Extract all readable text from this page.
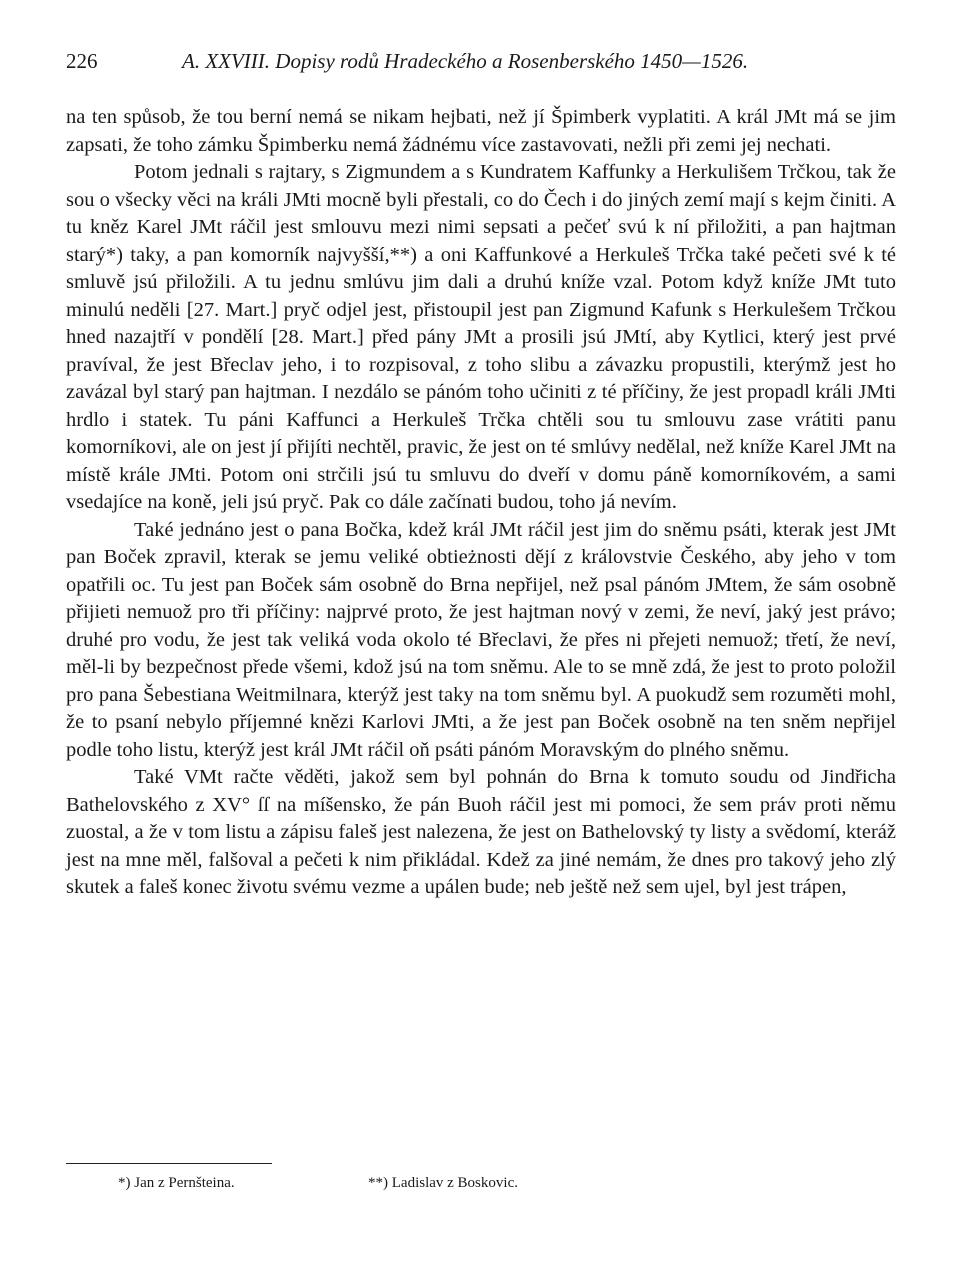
226	A. XXVIII. Dopisy rodů Hradeckého a Rosenberského 1450—1526.

na ten spůsob, že tou berní nemá se nikam hejbati, než jí Špimberk vyplatiti. A král JMt má se jim zapsati, že toho zámku Špimberku nemá žádnému více zastavovati, nežli při zemi jej nechati.

Potom jednali s rajtary, s Zigmundem a s Kundratem Kaffunky a Herkulišem Trčkou, tak že sou o všecky věci na králi JMti mocně byli přestali, co do Čech i do jiných zemí mají s kejm činiti. A tu kněz Karel JMt ráčil jest smlouvu mezi nimi sepsati a pečeť svú k ní přiložiti, a pan hajtman starý*) taky, a pan komorník najvyšší,**) a oni Kaffunkové a Herkuleš Trčka také pečeti své k té smluvě jsú přiložili. A tu jednu smlúvu jim dali a druhú kníže vzal. Potom když kníže JMt tuto minulú neděli [27. Mart.] pryč odjel jest, přistoupil jest pan Zigmund Kafunk s Herkulešem Trčkou hned nazajtří v pondělí [28. Mart.] před pány JMt a prosili jsú JMtí, aby Kytlici, který jest prvé pravíval, že jest Břeclav jeho, i to rozpisoval, z toho slibu a závazku propustili, kterýmž jest ho zavázal byl starý pan hajtman. I nezdálo se pánóm toho učiniti z té příčiny, že jest propadl králi JMti hrdlo i statek. Tu páni Kaffunci a Herkuleš Trčka chtěli sou tu smlouvu zase vrátiti panu komorníkovi, ale on jest jí přijíti nechtěl, praviс, že jest on té smlúvy nedělal, než kníže Karel JMt na místě krále JMti. Potom oni strčili jsú tu smluvu do dveří v domu páně komorníkovém, a sami vsedajíce na koně, jeli jsú pryč. Pak co dále začínati budou, toho já nevím.

Také jednáno jest o pana Bočka, kdež král JMt ráčil jest jim do sněmu psáti, kterak jest JMt pan Boček zpravil, kterak se jemu veliké obtieżnosti dějí z královstvie Českého, aby jeho v tom opatřili oc. Tu jest pan Boček sám osobně do Brna nepřijel, než psal pánóm JMtem, že sám osobně přijieti nemuož pro tři příčiny: najprvé proto, že jest hajtman nový v zemi, že neví, jaký jest právo; druhé pro vodu, že jest tak veliká voda okolo té Břeclavi, že přes ni přejeti nemuož; třetí, že neví, měl-li by bezpečnost přede všemi, kdož jsú na tom sněmu. Ale to se mně zdá, že jest to proto položil pro pana Šebestiana Weitmilnara, kterýž jest taky na tom sněmu byl. A puokudž sem rozuměti mohl, že to psaní nebylo příjemné knězi Karlovi JMti, a že jest pan Boček osobně na ten sněm nepřijel podle toho listu, kterýž jest král JMt ráčil oň psáti pánóm Moravským do plného sněmu.

Také VMt račte věděti, jakož sem byl pohnán do Brna k tomuto soudu od Jindřicha Bathelovského z XV° ſſ na míšensko, že pán Buoh ráčil jest mi pomoci, že sem práv proti němu zuostal, a že v tom listu a zápisu faleš jest nalezena, že jest on Bathelovský ty listy a svědomí, kteráž jest na mne měl, falšoval a pečeti k nim přikládal. Kdež za jiné nemám, že dnes pro takový jeho zlý skutek a faleš konec životu svému vezme a upálen bude; neb ještě než sem ujel, byl jest trápen,

*) Jan z Pernšteina.	**) Ladislav z Boskovic.
